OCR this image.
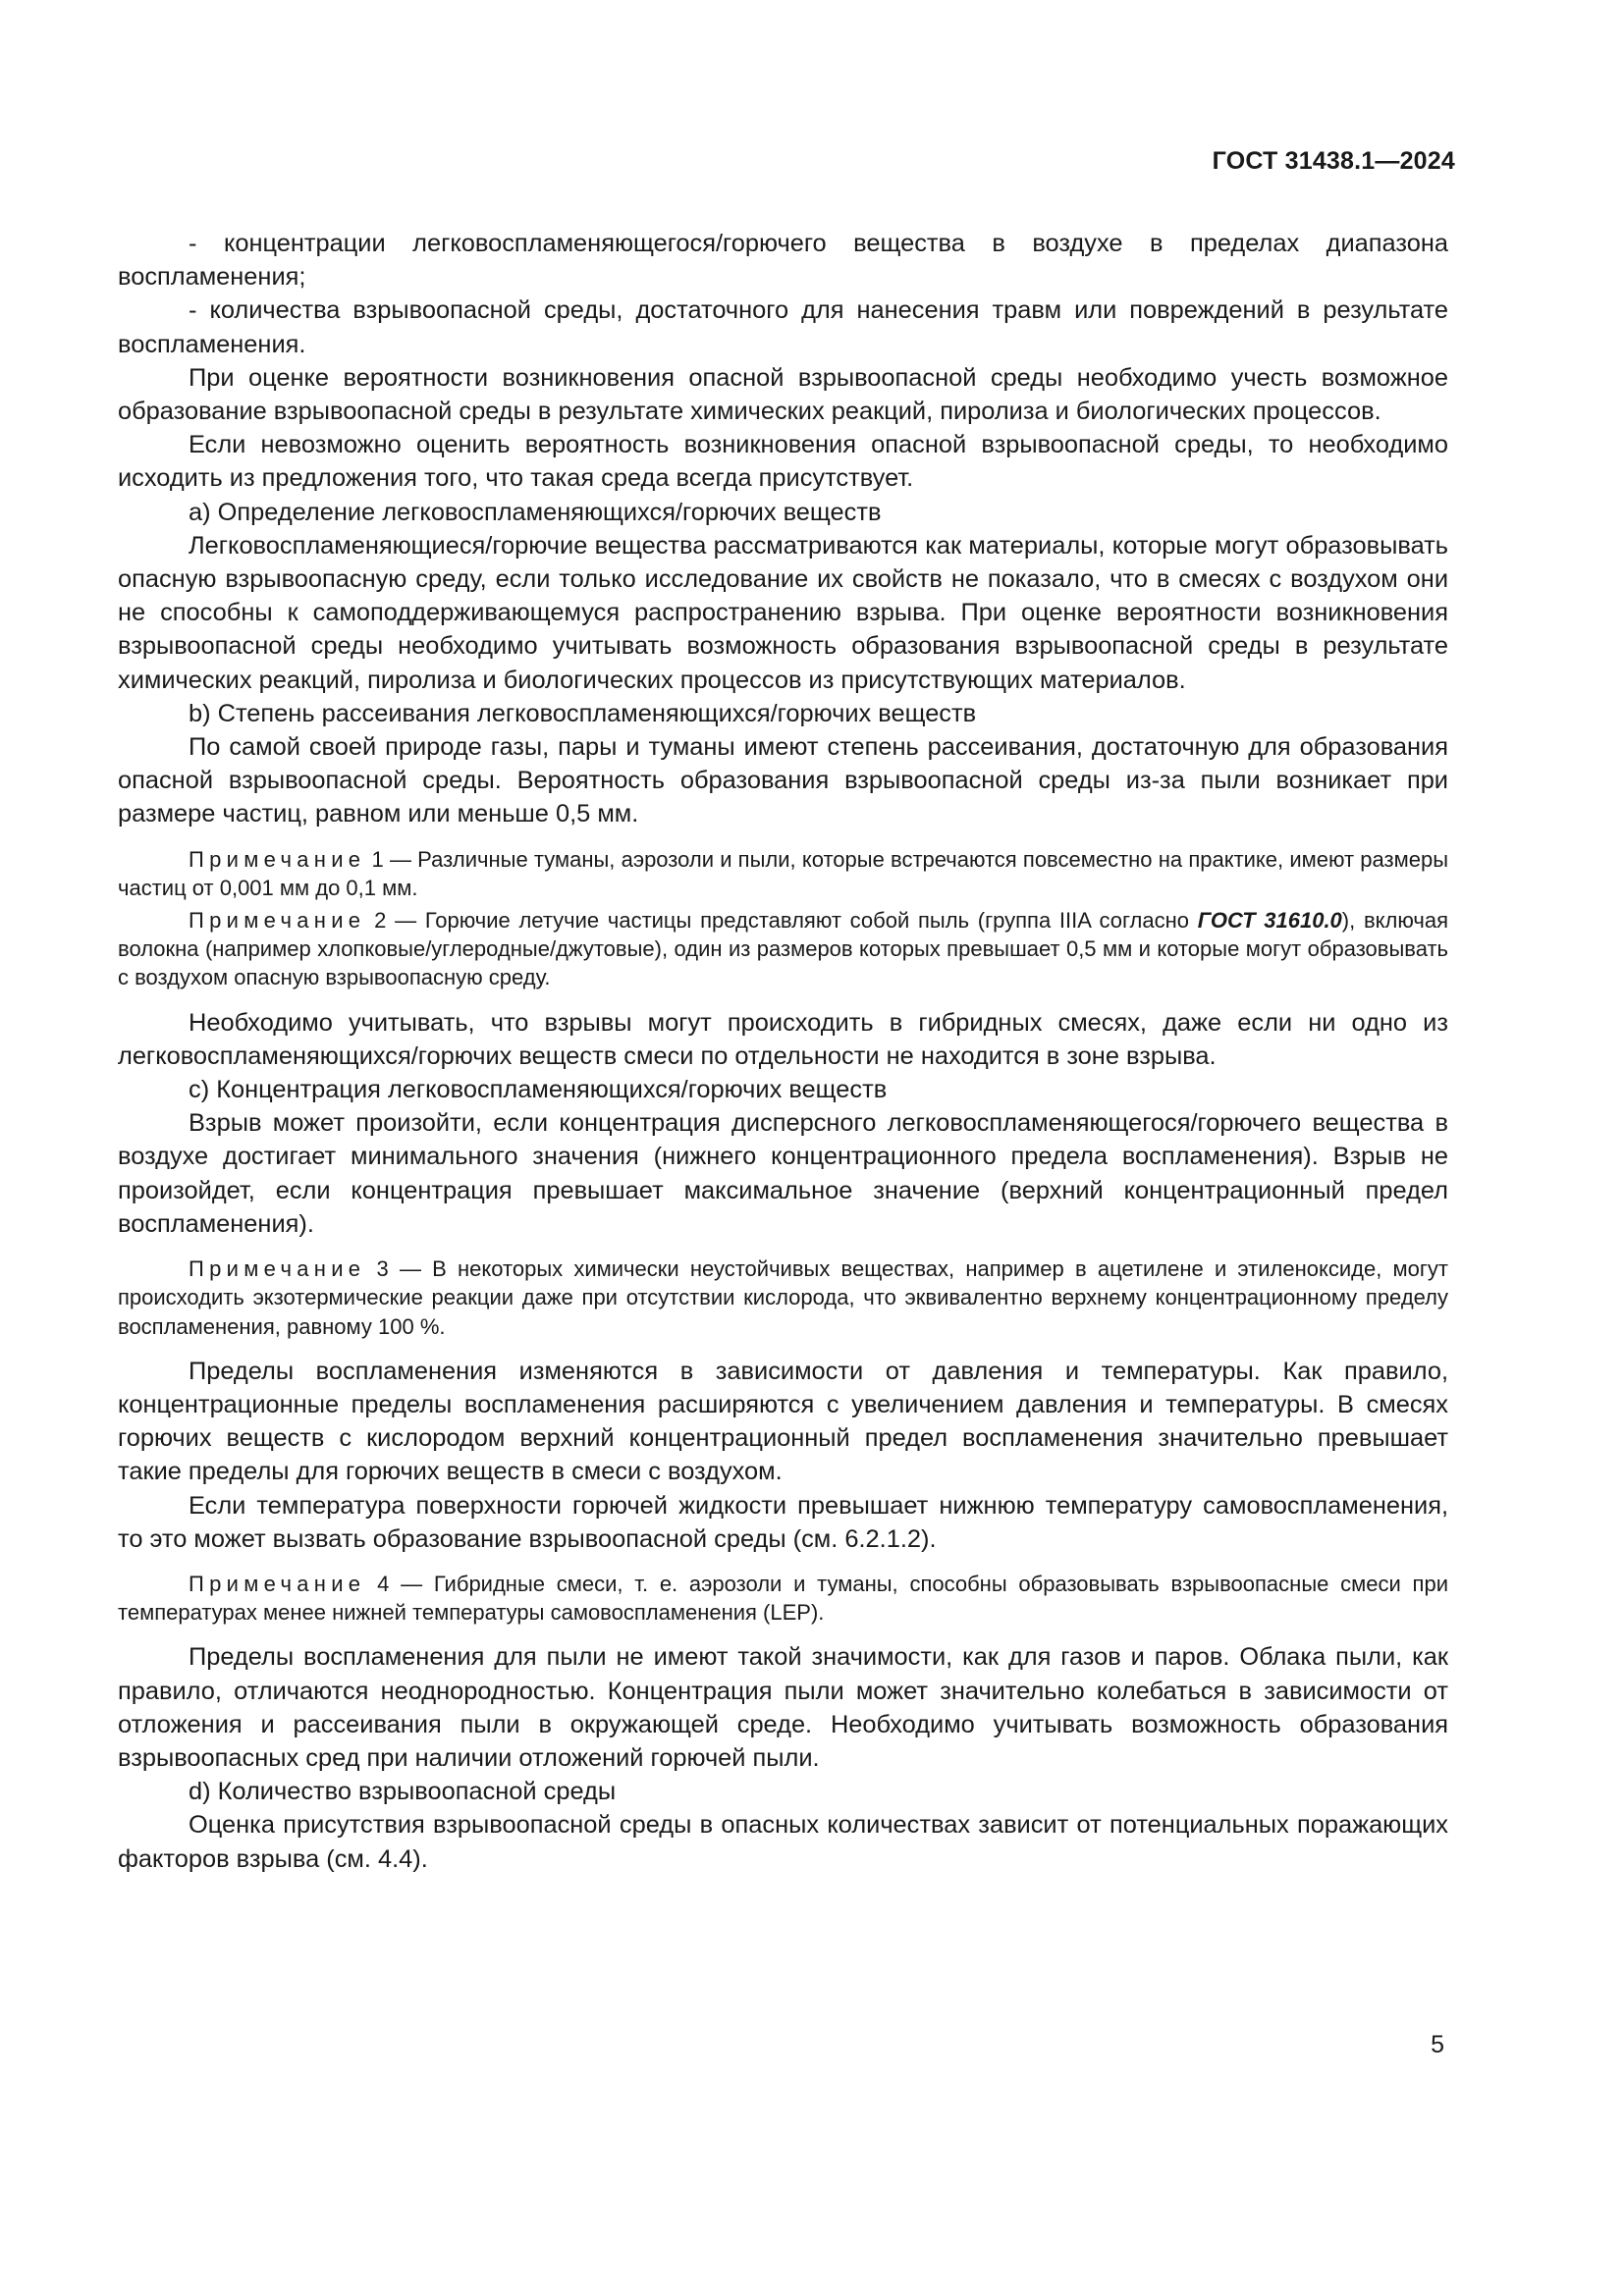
ГОСТ 31438.1—2024

- концентрации легковоспламеняющегося/горючего вещества в воздухе в пределах диапазона воспламенения;

- количества взрывоопасной среды, достаточного для нанесения травм или повреждений в результате воспламенения.

При оценке вероятности возникновения опасной взрывоопасной среды необходимо учесть возможное образование взрывоопасной среды в результате химических реакций, пиролиза и биологических процессов.

Если невозможно оценить вероятность возникновения опасной взрывоопасной среды, то необходимо исходить из предложения того, что такая среда всегда присутствует.

a) Определение легковоспламеняющихся/горючих веществ

Легковоспламеняющиеся/горючие вещества рассматриваются как материалы, которые могут образовывать опасную взрывоопасную среду, если только исследование их свойств не показало, что в смесях с воздухом они не способны к самоподдерживающемуся распространению взрыва. При оценке вероятности возникновения взрывоопасной среды необходимо учитывать возможность образования взрывоопасной среды в результате химических реакций, пиролиза и биологических процессов из присутствующих материалов.

b) Степень рассеивания легковоспламеняющихся/горючих веществ

По самой своей природе газы, пары и туманы имеют степень рассеивания, достаточную для образования опасной взрывоопасной среды. Вероятность образования взрывоопасной среды из-за пыли возникает при размере частиц, равном или меньше 0,5 мм.

Примечание 1 — Различные туманы, аэрозоли и пыли, которые встречаются повсеместно на практике, имеют размеры частиц от 0,001 мм до 0,1 мм.

Примечание 2 — Горючие летучие частицы представляют собой пыль (группа IIIA согласно ГОСТ 31610.0), включая волокна (например хлопковые/углеродные/джутовые), один из размеров которых превышает 0,5 мм и которые могут образовывать с воздухом опасную взрывоопасную среду.

Необходимо учитывать, что взрывы могут происходить в гибридных смесях, даже если ни одно из легковоспламеняющихся/горючих веществ смеси по отдельности не находится в зоне взрыва.

c) Концентрация легковоспламеняющихся/горючих веществ

Взрыв может произойти, если концентрация дисперсного легковоспламеняющегося/горючего вещества в воздухе достигает минимального значения (нижнего концентрационного предела воспламенения). Взрыв не произойдет, если концентрация превышает максимальное значение (верхний концентрационный предел воспламенения).

Примечание 3 — В некоторых химически неустойчивых веществах, например в ацетилене и этиленоксиде, могут происходить экзотермические реакции даже при отсутствии кислорода, что эквивалентно верхнему концентрационному пределу воспламенения, равному 100 %.

Пределы воспламенения изменяются в зависимости от давления и температуры. Как правило, концентрационные пределы воспламенения расширяются с увеличением давления и температуры. В смесях горючих веществ с кислородом верхний концентрационный предел воспламенения значительно превышает такие пределы для горючих веществ в смеси с воздухом.

Если температура поверхности горючей жидкости превышает нижнюю температуру самовоспламенения, то это может вызвать образование взрывоопасной среды (см. 6.2.1.2).

Примечание 4 — Гибридные смеси, т. е. аэрозоли и туманы, способны образовывать взрывоопасные смеси при температурах менее нижней температуры самовоспламенения (LEP).

Пределы воспламенения для пыли не имеют такой значимости, как для газов и паров. Облака пыли, как правило, отличаются неоднородностью. Концентрация пыли может значительно колебаться в зависимости от отложения и рассеивания пыли в окружающей среде. Необходимо учитывать возможность образования взрывоопасных сред при наличии отложений горючей пыли.

d) Количество взрывоопасной среды

Оценка присутствия взрывоопасной среды в опасных количествах зависит от потенциальных поражающих факторов взрыва (см. 4.4).

5
